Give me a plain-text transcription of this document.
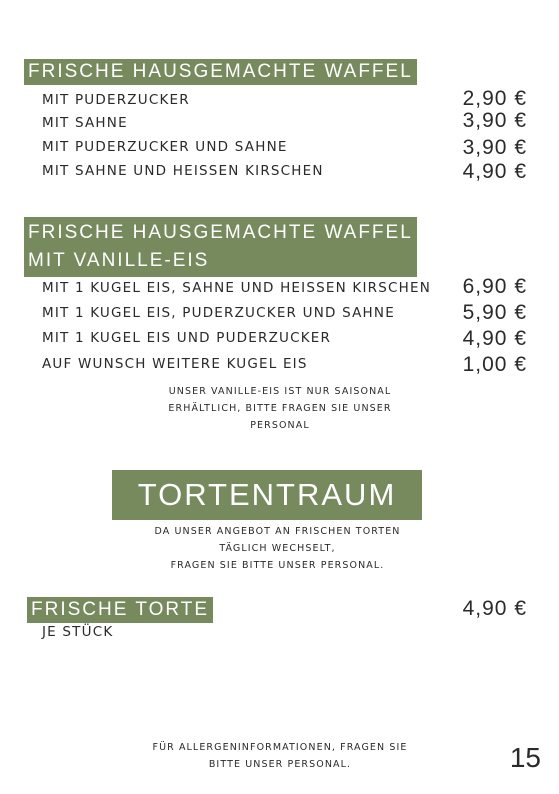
FRISCHE HAUSGEMACHTE WAFFEL
MIT PUDERZUCKER	2,90 €
MIT SAHNE	3,90 €
MIT PUDERZUCKER UND SAHNE	3,90 €
MIT SAHNE UND HEISSEN KIRSCHEN	4,90 €
FRISCHE HAUSGEMACHTE WAFFEL
MIT VANILLE-EIS
MIT 1 KUGEL EIS, SAHNE UND HEISSEN KIRSCHEN 6,90 €
MIT 1 KUGEL EIS, PUDERZUCKER UND SAHNE	5,90 €
MIT 1 KUGEL EIS UND PUDERZUCKER	4,90 €
AUF WUNSCH WEITERE KUGEL EIS	1,00 €
UNSER VANILLE-EIS IST NUR SAISONAL
ERHÄLTLICH, BITTE FRAGEN SIE UNSER
PERSONAL
TORTENTRAUM
DA UNSER ANGEBOT AN FRISCHEN TORTEN
TÄGLICH WECHSELT,
FRAGEN SIE BITTE UNSER PERSONAL.
FRISCHE TORTE
JE STÜCK
4,90 €
FÜR ALLERGENINFORMATIONEN, FRAGEN SIE
BITTE UNSER PERSONAL.	15
